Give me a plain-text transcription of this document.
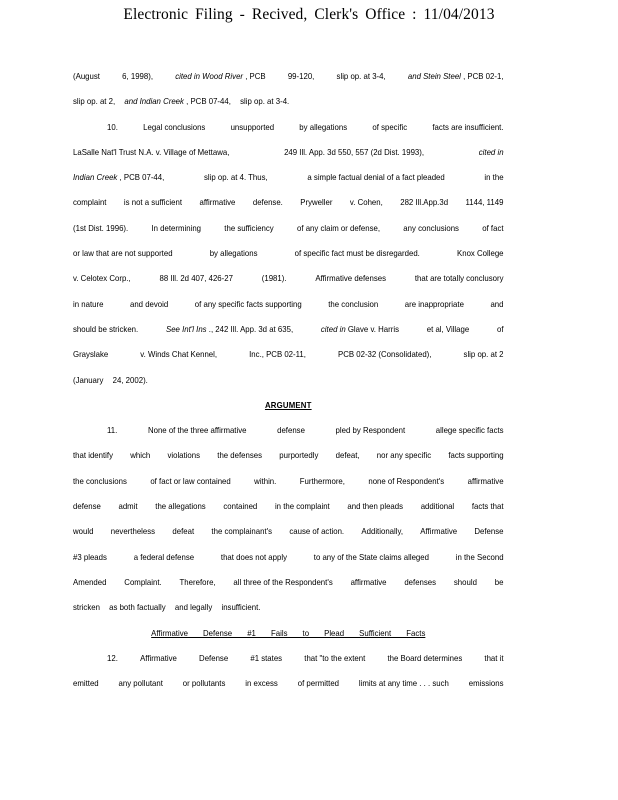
Electronic Filing - Recived, Clerk's Office : 11/04/2013
(August	6, 1998),	cited in Wood River , PCB	99-120,	slip op. at 3-4,	and Stein Steel , PCB 02-1,
slip op. at 2, and Indian Creek , PCB 07-44, slip op. at 3-4.
10.	Legal conclusions	unsupported	by allegations	of specific	facts are insufficient.
LaSalle Nat'l Trust N.A. v. Village of Mettawa,	249 Ill. App. 3d 550, 557 (2d Dist. 1993),	cited in
Indian Creek , PCB 07-44,	slip op. at 4. Thus,	a simple factual denial of a fact pleaded	in the
complaint is not a sufficient affirmative defense. Pryweller v. Cohen, 282 Ill.App.3d 1144, 1149
(1st Dist. 1996).	In determining	the sufficiency	of any claim or defense,	any conclusions	of fact
or law that are not supported	by allegations	of specific fact must be disregarded.	Knox College
v. Celotex Corp.,	88 Ill. 2d 407, 426-27	(1981).	Affirmative defenses	that are totally conclusory
in nature	and devoid	of any specific facts supporting	the conclusion	are inappropriate	and
should be stricken.	See Int'l Ins ., 242 Ill. App. 3d at 635,	cited in Glave v. Harris	et al, Village	of
Grayslake	v. Winds Chat Kennel,	Inc., PCB 02-11,	PCB 02-32 (Consolidated),	slip op. at 2
(January 24, 2002).
ARGUMENT
11.	None of the three affirmative	defense	pled by Respondent	allege specific facts
that identify which violations the defenses purportedly defeat, nor any specific facts supporting
the conclusions	of fact or law contained	within.	Furthermore,	none of Respondent's	affirmative
defense admit the allegations contained in the complaint and then pleads additional facts that
would nevertheless defeat the complainant's cause of action. Additionally, Affirmative Defense
#3 pleads	a federal defense	that does not apply	to any of the State claims alleged	in the Second
Amended Complaint. Therefore, all three of the Respondent's affirmative defenses should be
stricken as both factually and legally insufficient.
Affirmative Defense #1 Fails to Plead Sufficient Facts
12.	Affirmative	Defense	#1 states	that "to the extent	the Board determines	that it
emitted any pollutant or pollutants in excess of permitted limits at any time . . . such emissions
